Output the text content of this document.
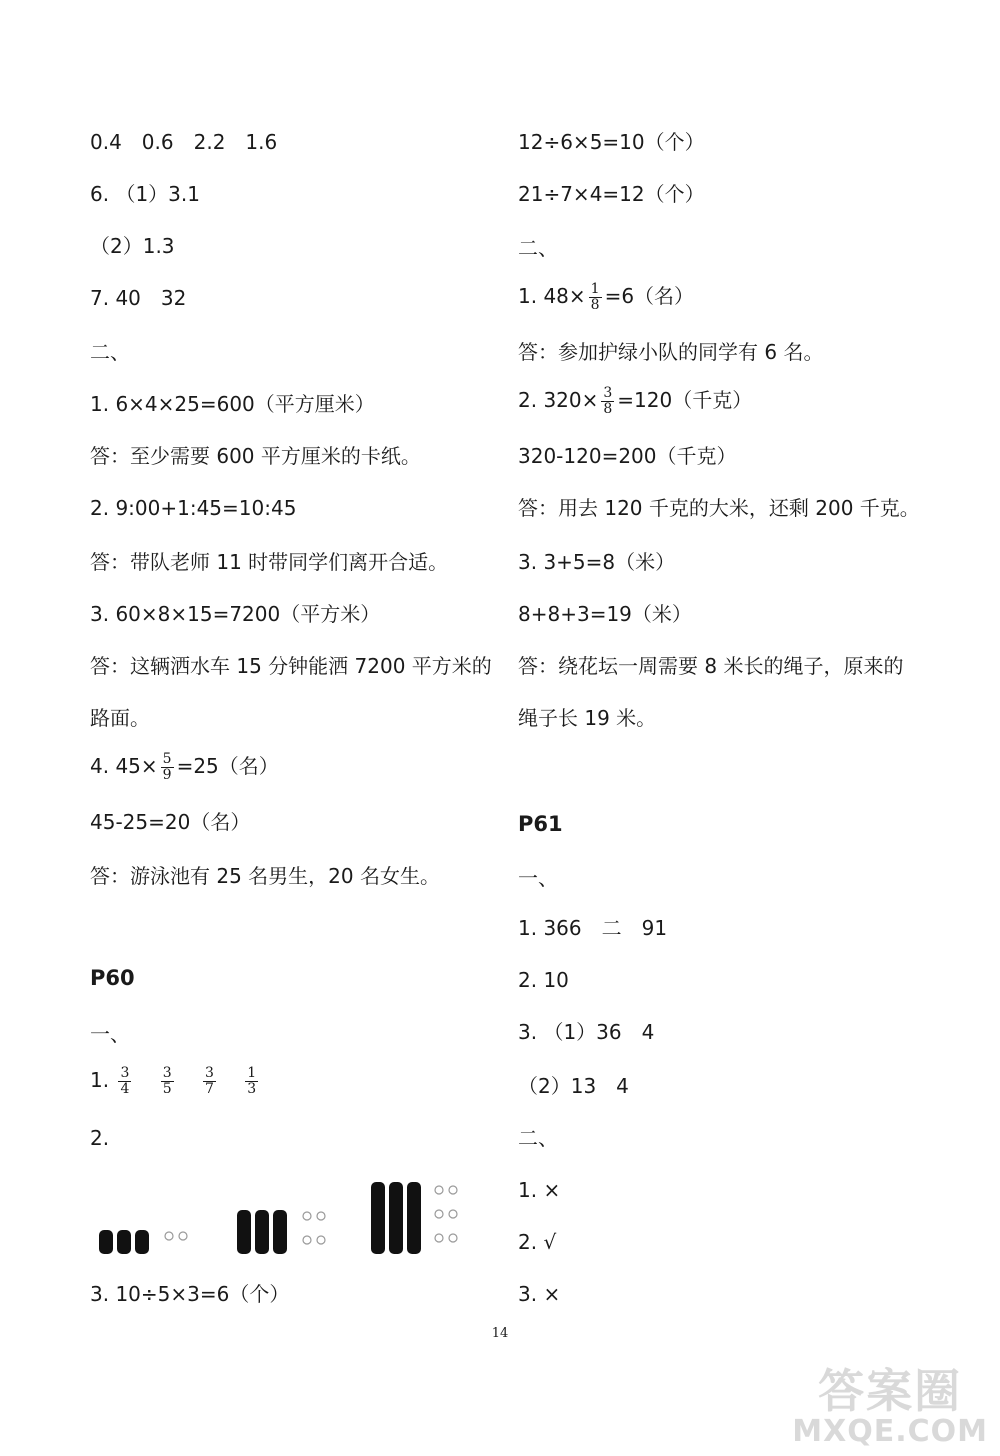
0.4　0.6　2.2　1.6
6. （1）3.1
（2）1.3
7. 40　32
二、
1. 6×4×25=600（平方厘米）
答：至少需要 600 平方厘米的卡纸。
2. 9:00+1:45=10:45
答：带队老师 11 时带同学们离开合适。
3. 60×8×15=7200（平方米）
答：这辆洒水车 15 分钟能洒 7200 平方米的
路面。
4. $45\times \frac{5}{9} =25$（名）
45-25=20（名）
答：游泳池有 25 名男生，20 名女生。
P60
一、
1. $\frac{3}{4}$
$\frac{3}{5}$
$\frac{3}{7}$
$\frac{1}{3}$
2.
3. 10÷5×3=6（个）
12÷6×5=10（个）
21÷7×4=12（个）
二、
1. $48\times \frac{1}{8} =6$（名）
答：参加护绿小队的同学有 6 名。
2. $320\times \frac{3}{8} =120$（千克）
320-120=200（千克）
答：用去 120 千克的大米，还剩 200 千克。
3. 3+5=8（米）
8+8+3=19（米）
答：绕花坛一周需要 8 米长的绳子，原来的
绳子长 19 米。
P61
一、
1. 366　二　91
2. 10
3. （1）36　4
（2）13　4
二、
1. ×
2. √
3. ×
14
答案圈
MXQE.COM
